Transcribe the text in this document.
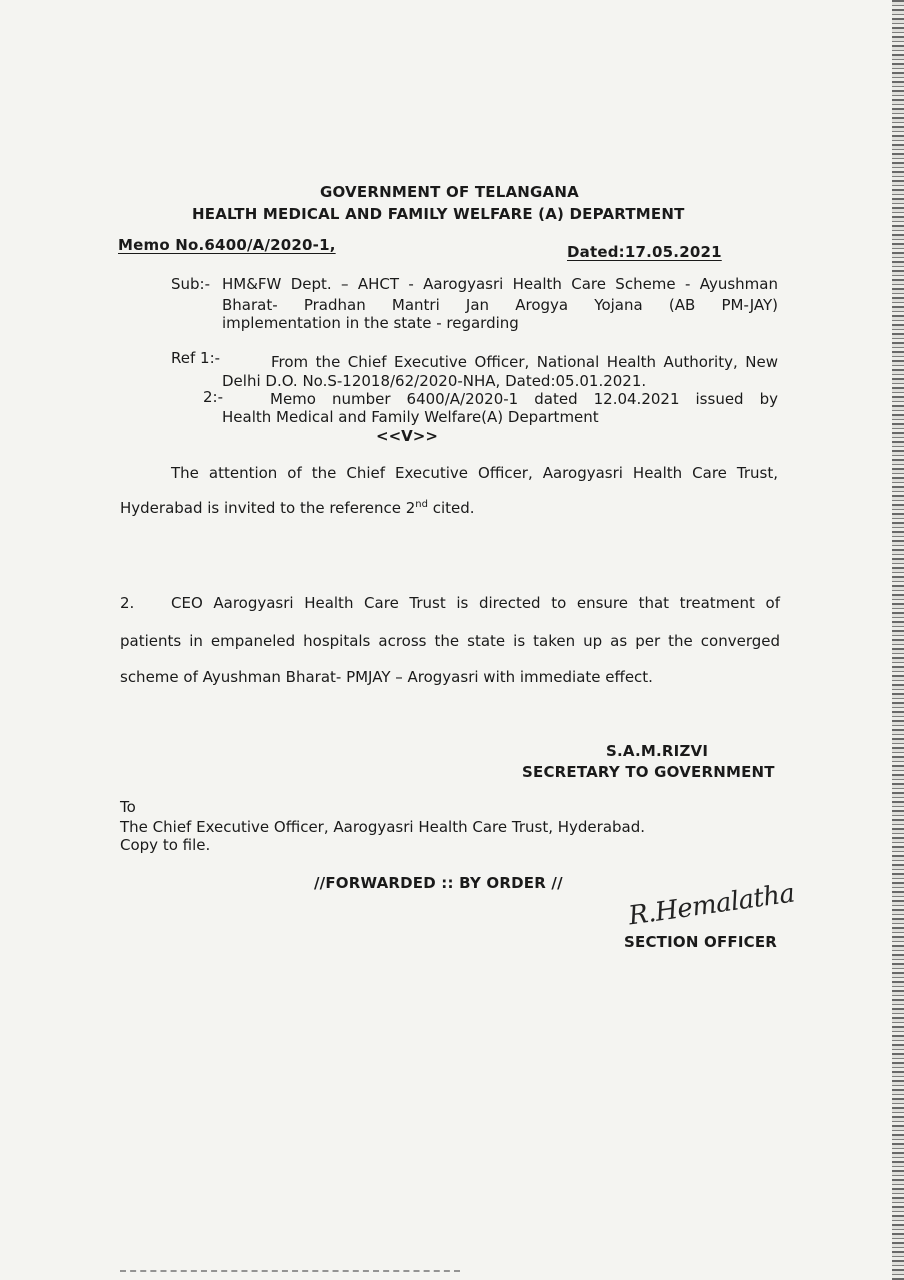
GOVERNMENT OF TELANGANA
HEALTH MEDICAL AND FAMILY WELFARE (A) DEPARTMENT
Memo No.6400/A/2020-1,	Dated:17.05.2021
Sub:- HM&FW Dept. – AHCT - Aarogyasri Health Care Scheme - Ayushman
Bharat- Pradhan Mantri Jan Arogya Yojana (AB PM-JAY)
implementation in the state - regarding
Ref 1:-	From the Chief Executive Officer, National Health Authority, New
Delhi D.O. No.S-12018/62/2020-NHA, Dated:05.01.2021.
2:-	Memo number 6400/A/2020-1 dated 12.04.2021 issued by
Health Medical and Family Welfare(A) Department
<<V>>
The attention of the Chief Executive Officer, Aarogyasri Health Care Trust,
Hyderabad is invited to the reference 2nd cited.
2. CEO Aarogyasri Health Care Trust is directed to ensure that treatment of
patients in empaneled hospitals across the state is taken up as per the converged
scheme of Ayushman Bharat- PMJAY – Arogyasri with immediate effect.
S.A.M.RIZVI
SECRETARY TO GOVERNMENT
To
The Chief Executive Officer, Aarogyasri Health Care Trust, Hyderabad.
Copy to file.
//FORWARDED :: BY ORDER // R.Hemalatha
SECTION OFFICER
